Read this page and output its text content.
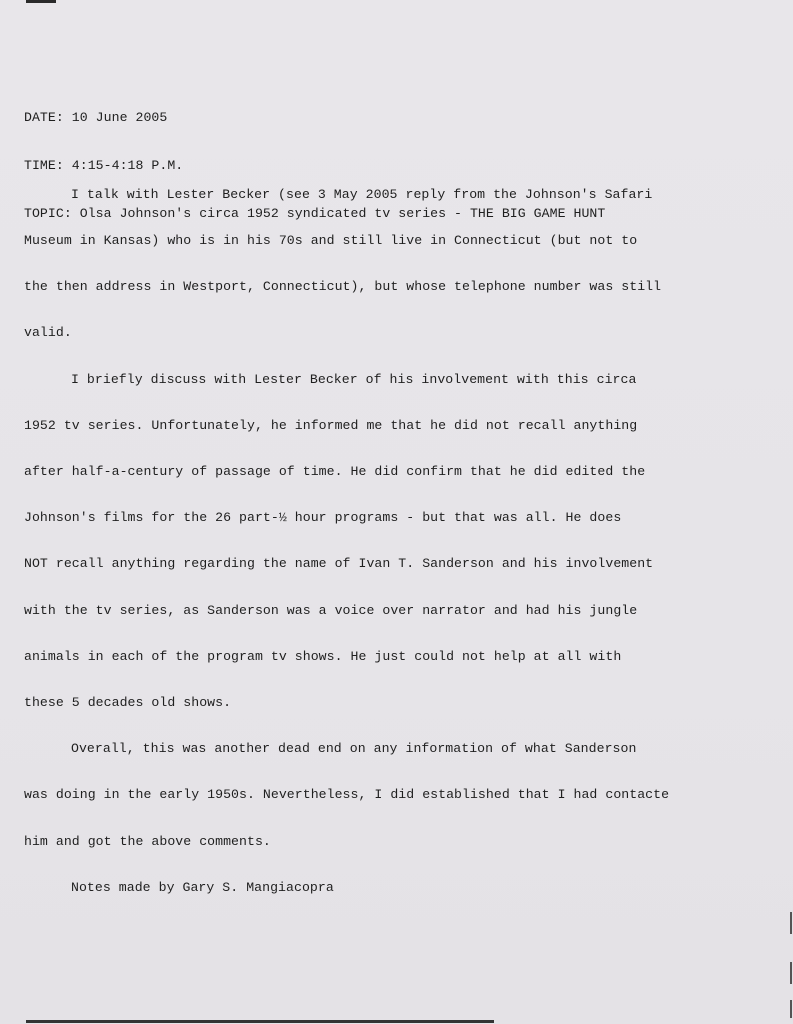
DATE: 10 June 2005

TIME: 4:15-4:18 P.M.

TOPIC: Olsa Johnson's circa 1952 syndicated tv series - THE BIG GAME HUNT

I talk with Lester Becker (see 3 May 2005 reply from the Johnson's Safari

Museum in Kansas) who is in his 70s and still live in Connecticut (but not to

the then address in Westport, Connecticut), but whose telephone number was still

valid.

I briefly discuss with Lester Becker of his involvement with this circa

1952 tv series. Unfortunately, he informed me that he did not recall anything

after half-a-century of passage of time. He did confirm that he did edited the

Johnson's films for the 26 part-½ hour programs - but that was all. He does

NOT recall anything regarding the name of Ivan T. Sanderson and his involvement

with the tv series, as Sanderson was a voice over narrator and had his jungle

animals in each of the program tv shows. He just could not help at all with

these 5 decades old shows.

Overall, this was another dead end on any information of what Sanderson

was doing in the early 1950s. Nevertheless, I did established that I had contacte

him and got the above comments.

Notes made by Gary S. Mangiacopra
